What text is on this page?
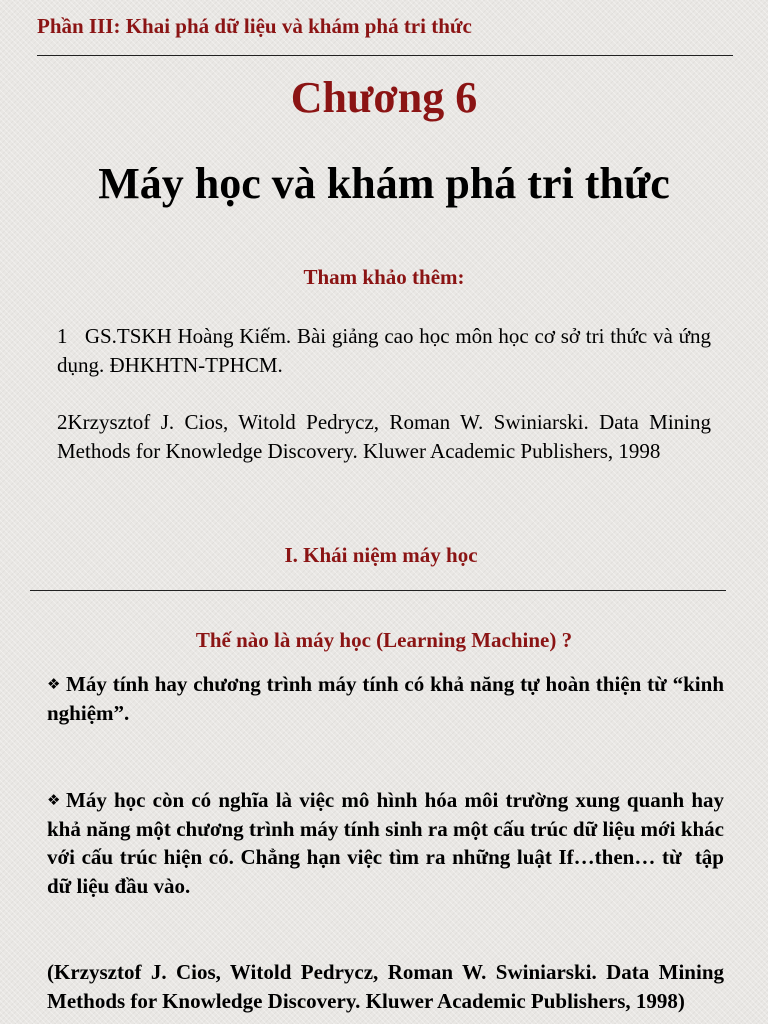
Phần III: Khai phá dữ liệu và khám phá tri thức
Chương 6
Máy học và khám phá tri thức
Tham khảo thêm:
1   GS.TSKH Hoàng Kiếm. Bài giảng cao học môn học cơ sở tri thức và ứng dụng. ĐHKHTN-TPHCM.
2Krzysztof J. Cios, Witold Pedrycz, Roman W. Swiniarski. Data Mining Methods for Knowledge Discovery. Kluwer Academic Publishers, 1998
I. Khái niệm máy học
Thế nào là máy học (Learning Machine) ?
❖ Máy tính hay chương trình máy tính có khả năng tự hoàn thiện từ “kinh nghiệm”.
❖ Máy học còn có nghĩa là việc mô hình hóa môi trường xung quanh hay khả năng một chương trình máy tính sinh ra một cấu trúc dữ liệu mới khác với cấu trúc hiện có. Chẳng hạn việc tìm ra những luật If…then… từ  tập dữ liệu đầu vào.
(Krzysztof J. Cios, Witold Pedrycz, Roman W. Swiniarski. Data Mining Methods for Knowledge Discovery. Kluwer Academic Publishers, 1998)
